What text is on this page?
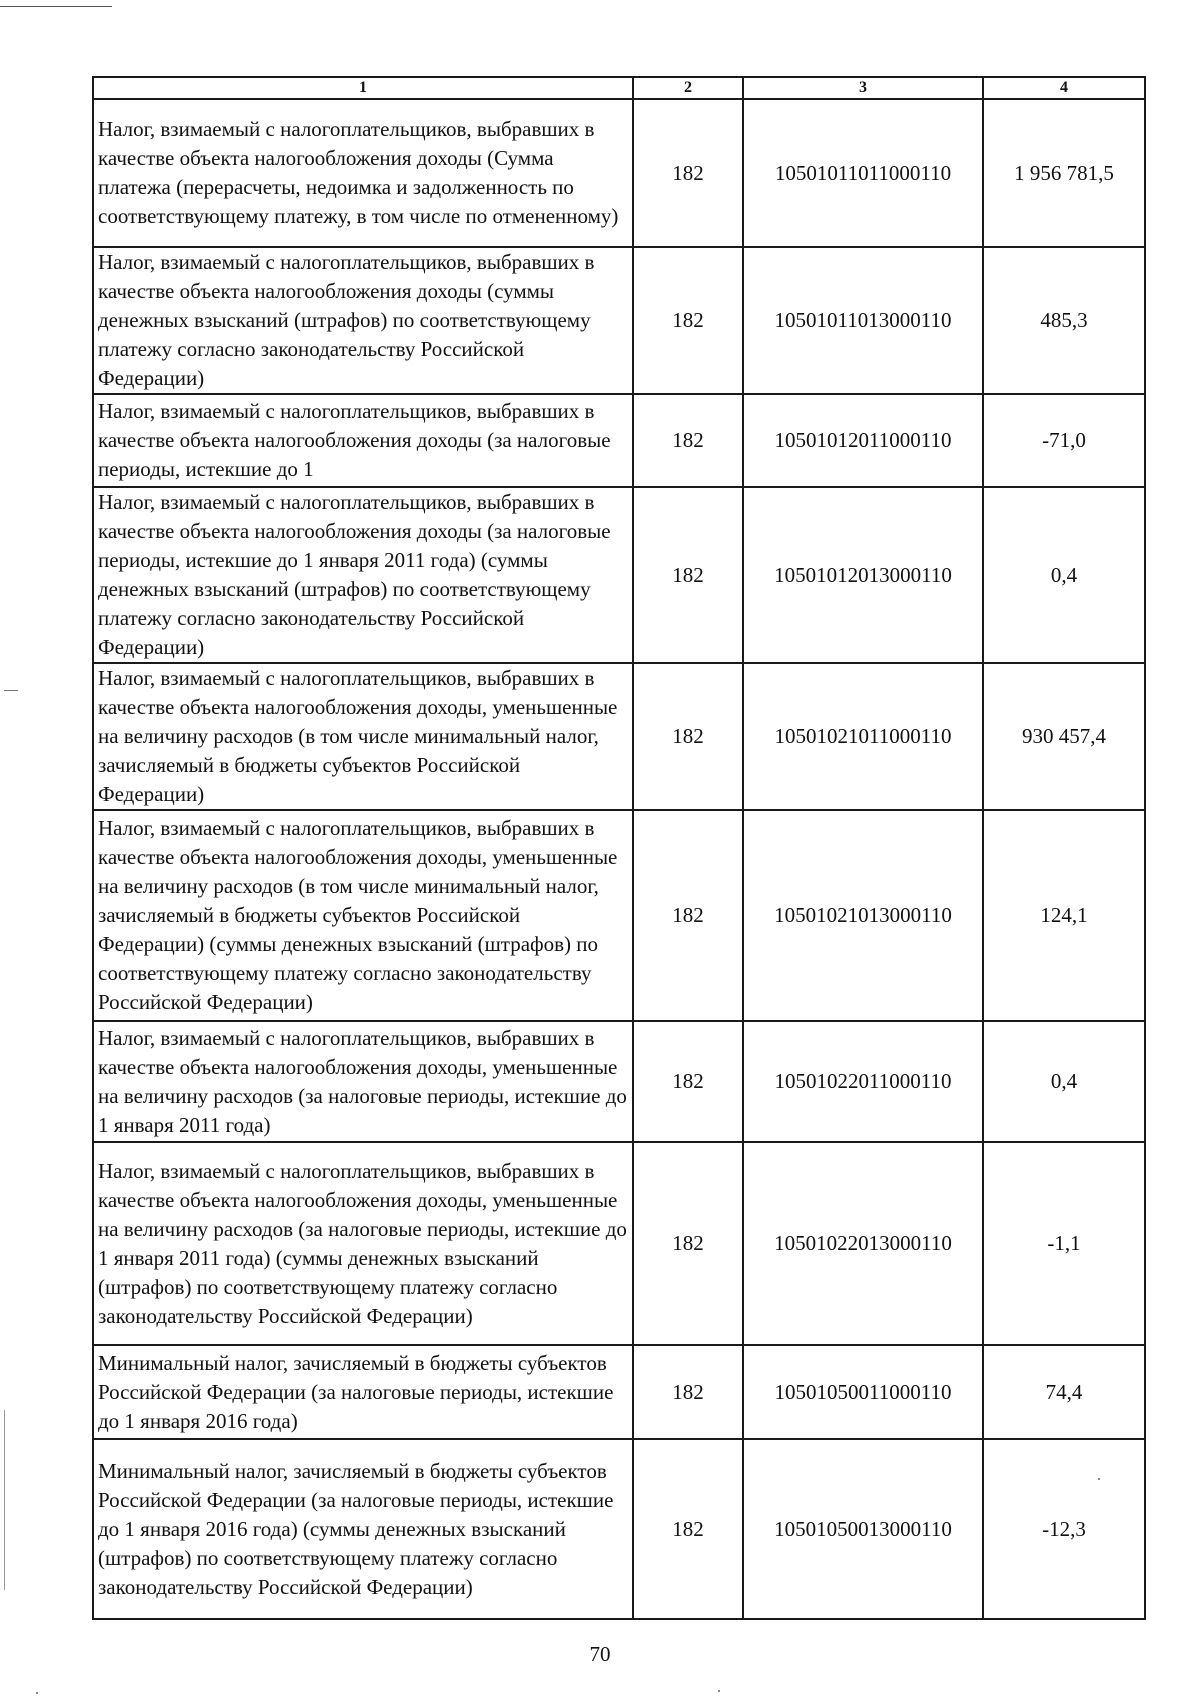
1	2	3	4
Налог, взимаемый с налогоплательщиков, выбравших в качестве объекта налогообложения доходы (Сумма платежа (перерасчеты, недоимка и задолженность по соответствующему платежу, в том числе по отмененному)	182	10501011011000110	1 956 781,5
Налог, взимаемый с налогоплательщиков, выбравших в качестве объекта налогообложения доходы (суммы денежных взысканий (штрафов) по соответствующему платежу согласно законодательству Российской Федерации)	182	10501011013000110	485,3
Налог, взимаемый с налогоплательщиков, выбравших в качестве объекта налогообложения доходы (за налоговые периоды, истекшие до 1	182	10501012011000110	-71,0
Налог, взимаемый с налогоплательщиков, выбравших в качестве объекта налогообложения доходы (за налоговые периоды, истекшие до 1 января 2011 года) (суммы денежных взысканий (штрафов) по соответствующему платежу согласно законодательству Российской Федерации)	182	10501012013000110	0,4
Налог, взимаемый с налогоплательщиков, выбравших в качестве объекта налогообложения доходы, уменьшенные на величину расходов (в том числе минимальный налог, зачисляемый в бюджеты субъектов Российской Федерации)	182	10501021011000110	930 457,4
Налог, взимаемый с налогоплательщиков, выбравших в качестве объекта налогообложения доходы, уменьшенные на величину расходов (в том числе минимальный налог, зачисляемый в бюджеты субъектов Российской Федерации) (суммы денежных взысканий (штрафов) по соответствующему платежу согласно законодательству Российской Федерации)	182	10501021013000110	124,1
Налог, взимаемый с налогоплательщиков, выбравших в качестве объекта налогообложения доходы, уменьшенные на величину расходов (за налоговые периоды, истекшие до 1 января 2011 года)	182	10501022011000110	0,4
Налог, взимаемый с налогоплательщиков, выбравших в качестве объекта налогообложения доходы, уменьшенные на величину расходов (за налоговые периоды, истекшие до 1 января 2011 года) (суммы денежных взысканий (штрафов) по соответствующему платежу согласно законодательству Российской Федерации)	182	10501022013000110	-1,1
Минимальный налог, зачисляемый в бюджеты субъектов Российской Федерации (за налоговые периоды, истекшие до 1 января 2016 года)	182	10501050011000110	74,4
Минимальный налог, зачисляемый в бюджеты субъектов Российской Федерации (за налоговые периоды, истекшие до 1 января 2016 года) (суммы денежных взысканий (штрафов) по соответствующему платежу согласно законодательству Российской Федерации)	182	10501050013000110	-12,3
70
